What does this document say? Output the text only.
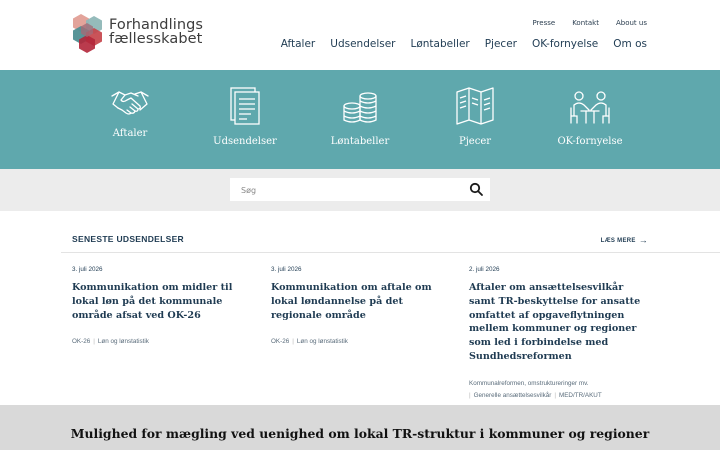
Forhandlings
fællesskabet
Presse Kontakt About us
Aftaler Udsendelser Løntabeller Pjecer OK-fornyelse Om os
Aftaler
Udsendelser	Løntabeller	Pjecer	OK-fornyelse
Søg
SENESTE UDSENDELSER	LÆS MERE →
3. juli 2026
Kommunikation om midler til lokal løn på det kommunale område afsat ved OK-26
OK-26 | Løn og lønstatistik
3. juli 2026
Kommunikation om aftale om lokal løndannelse på det regionale område
OK-26 | Løn og lønstatistik
2. juli 2026
Aftaler om ansættelsesvilkår samt TR-beskyttelse for ansatte omfattet af opgaveflytningen mellem kommuner og regioner som led i forbindelse med Sundhedsreformen
Kommunalreformen, omstruktureringer mv.
| Generelle ansættelsesvilkår | MED/TR/AKUT
Mulighed for mægling ved uenighed om lokal TR-struktur i kommuner og regioner
